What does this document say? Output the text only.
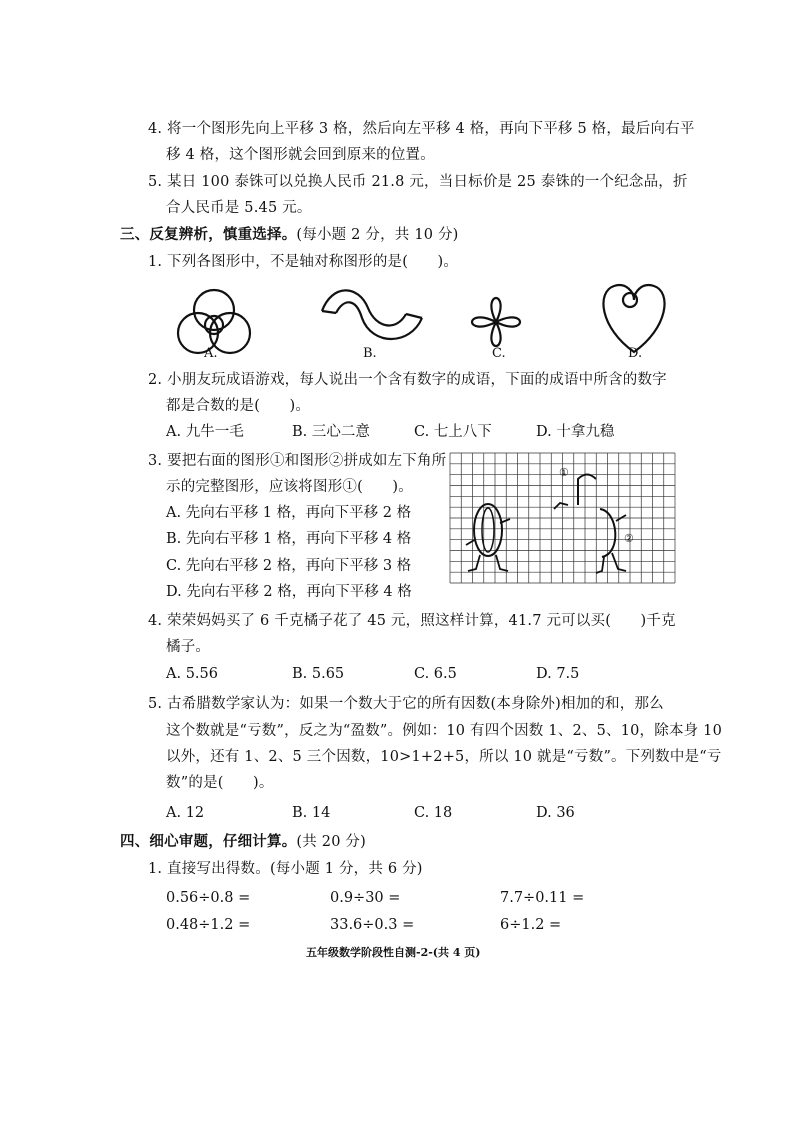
4. 将一个图形先向上平移 3 格，然后向左平移 4 格，再向下平移 5 格，最后向右平
移 4 格，这个图形就会回到原来的位置。
5. 某日 100 泰铢可以兑换人民币 21.8 元，当日标价是 25 泰铢的一个纪念品，折
合人民币是 5.45 元。
三、反复辨析，慎重选择。(每小题 2 分，共 10 分)
1. 下列各图形中，不是轴对称图形的是(　　)。
A.	B.	C.	D.
2. 小朋友玩成语游戏，每人说出一个含有数字的成语，下面的成语中所含的数字
都是合数的是(　　)。
A. 九牛一毛	B. 三心二意	C. 七上八下	D. 十拿九稳
3. 要把右面的图形①和图形②拼成如左下角所
示的完整图形，应该将图形①(　　)。
A. 先向右平移 1 格，再向下平移 2 格
B. 先向右平移 1 格，再向下平移 4 格
C. 先向右平移 2 格，再向下平移 3 格
D. 先向右平移 2 格，再向下平移 4 格
①
②
4. 荣荣妈妈买了 6 千克橘子花了 45 元，照这样计算，41.7 元可以买(　　)千克
橘子。
A. 5.56	B. 5.65	C. 6.5	D. 7.5
5. 古希腊数学家认为：如果一个数大于它的所有因数(本身除外)相加的和，那么
这个数就是“亏数”，反之为“盈数”。例如：10 有四个因数 1、2、5、10，除本身 10
以外，还有 1、2、5 三个因数，10>1+2+5，所以 10 就是“亏数”。下列数中是“亏
数”的是(　　)。
A. 12	B. 14	C. 18	D. 36
四、细心审题，仔细计算。(共 20 分)
1. 直接写出得数。(每小题 1 分，共 6 分)
0.56÷0.8 =	0.9÷30 =	7.7÷0.11 =
0.48÷1.2 =	33.6÷0.3 =	6÷1.2 =
五年级数学阶段性自测-2-(共 4 页)
